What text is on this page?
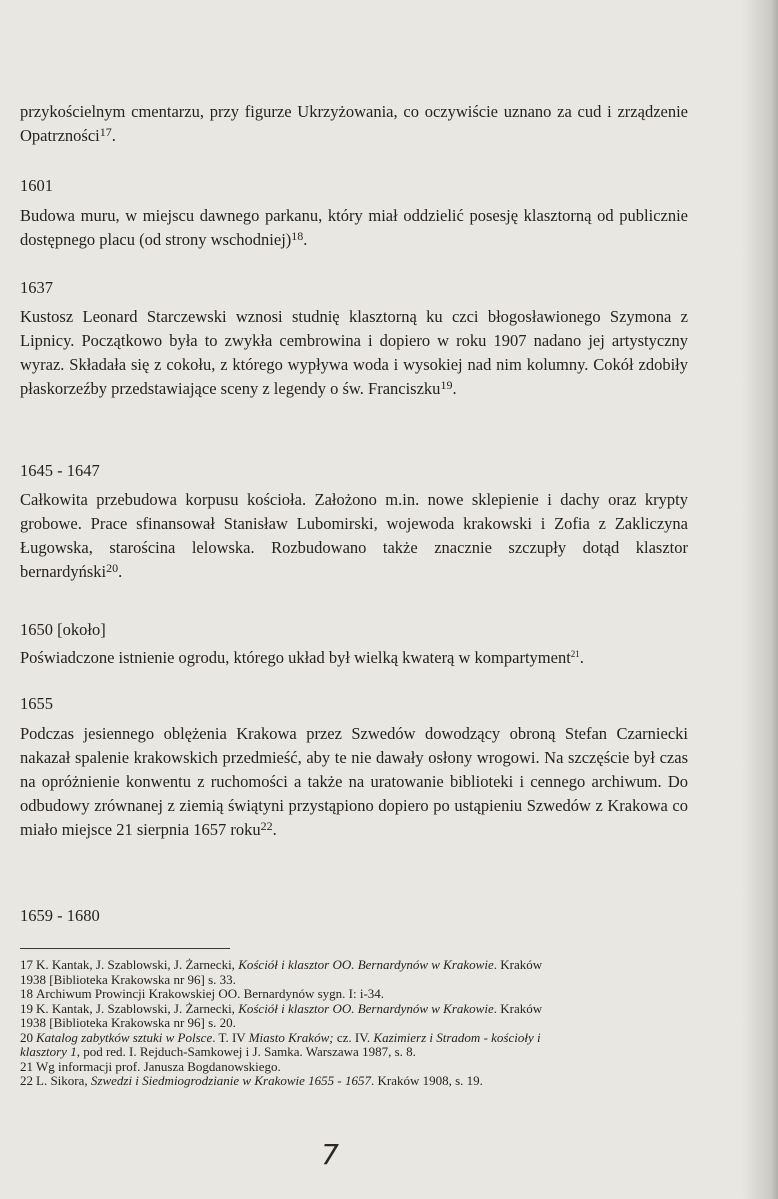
przykościelnym cmentarzu, przy figurze Ukrzyżowania, co oczywiście uznano za cud i zrządzenie Opatrzności$^{17}$.

1601

Budowa muru, w miejscu dawnego parkanu, który miał oddzielić posesję klasztorną od publicznie dostępnego placu (od strony wschodniej)$^{18}$.

1637

Kustosz Leonard Starczewski wznosi studnię klasztorną ku czci błogosławionego Szymona z Lipnicy. Początkowo była to zwykła cembrowina i dopiero w roku 1907 nadano jej artystyczny wyraz. Składała się z cokołu, z którego wypływa woda i wysokiej nad nim kolumny. Cokół zdobiły płaskorzeźby przedstawiające sceny z legendy o św. Franciszku$^{19}$.

1645 - 1647

Całkowita przebudowa korpusu kościoła. Założono m.in. nowe sklepienie i dachy oraz krypty grobowe. Prace sfinansował Stanisław Lubomirski, wojewoda krakowski i Zofia z Zakliczyna Ługowska, starościna lelowska. Rozbudowano także znacznie szczupły dotąd klasztor bernardyński$^{20}$.

1650 [około]

Poświadczone istnienie ogrodu, którego układ był wielką kwaterą w kompartyment$^{21}$.

1655

Podczas jesiennego oblężenia Krakowa przez Szwedów dowodzący obroną Stefan Czarniecki nakazał spalenie krakowskich przedmieść, aby te nie dawały osłony wrogowi. Na szczęście był czas na opróżnienie konwentu z ruchomości a także na uratowanie biblioteki i cennego archiwum. Do odbudowy zrównanej z ziemią świątyni przystąpiono dopiero po ustąpieniu Szwedów z Krakowa co miało miejsce 21 sierpnia 1657 roku$^{22}$.

1659 - 1680
17 K. Kantak, J. Szablowski, J. Żarnecki, Kościół i klasztor OO. Bernardynów w Krakowie. Kraków
1938 [Biblioteka Krakowska nr 96] s. 33.
18 Archiwum Prowincji Krakowskiej OO. Bernardynów sygn. I: i-34.
19 K. Kantak, J. Szablowski, J. Żarnecki, Kościół i klasztor OO. Bernardynów w Krakowie. Kraków
1938 [Biblioteka Krakowska nr 96] s. 20.
20 Katalog zabytków sztuki w Polsce. T. IV Miasto Kraków; cz. IV. Kazimierz i Stradom - kościoły i
klasztory 1, pod red. I. Rejduch-Samkowej i J. Samka. Warszawa 1987, s. 8.
21 Wg informacji prof. Janusza Bogdanowskiego.
22 L. Sikora, Szwedzi i Siedmiogrodzianie w Krakowie 1655 - 1657. Kraków 1908, s. 19.
7
